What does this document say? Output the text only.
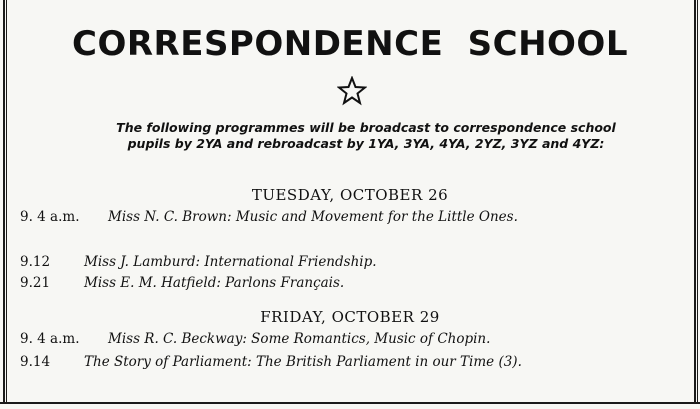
CORRESPONDENCE SCHOOL
The following programmes will be broadcast to correspondence school pupils by 2YA and rebroadcast by 1YA, 3YA, 4YA, 2YZ, 3YZ and 4YZ:
TUESDAY, OCTOBER 26
9. 4 a.m. Miss N. C. Brown: Music and Movement for the Little Ones.
9.12	Miss J. Lamburd: International Friendship.
9.21	Miss E. M. Hatfield: Parlons Français.
FRIDAY, OCTOBER 29
9. 4 a.m. Miss R. C. Beckway: Some Romantics, Music of Chopin.
9.14	The Story of Parliament: The British Parliament in our Time (3).
